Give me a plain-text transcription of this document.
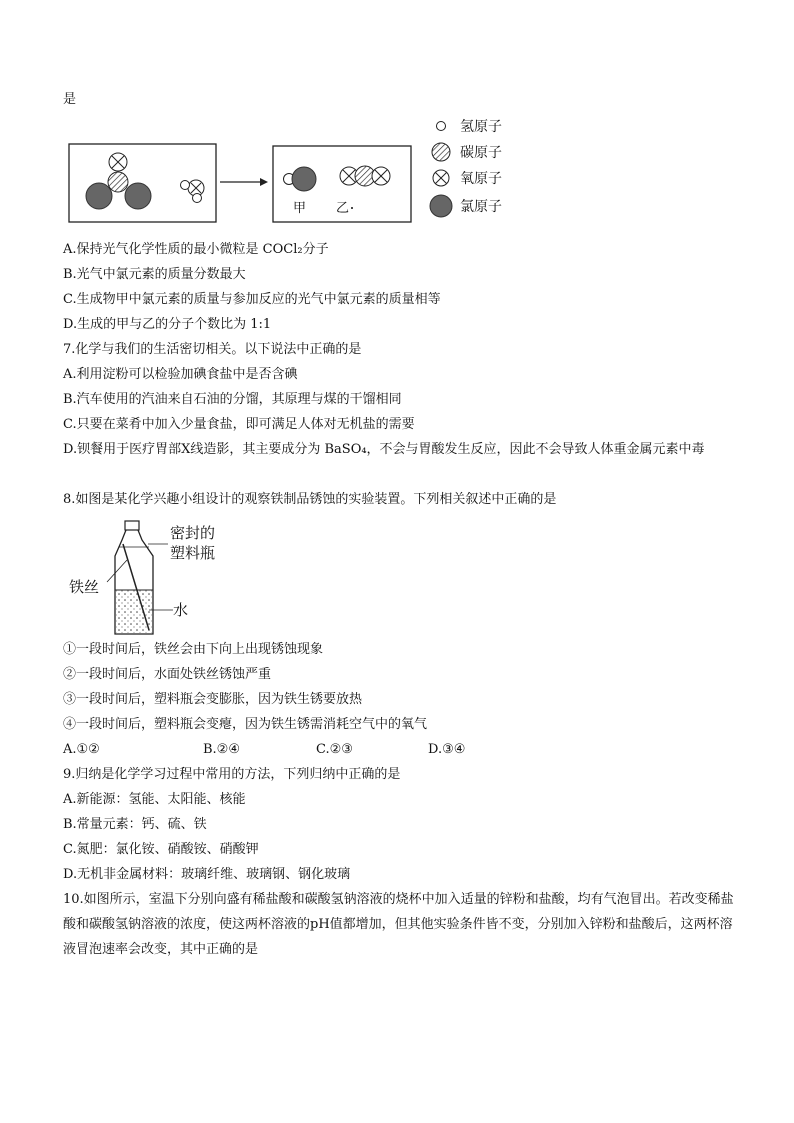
是
甲 乙
氢原子
碳原子
氧原子
氯原子
A.保持光气化学性质的最小微粒是 COCl₂分子
B.光气中氯元素的质量分数最大
C.生成物甲中氯元素的质量与参加反应的光气中氯元素的质量相等
D.生成的甲与乙的分子个数比为 1:1
7.化学与我们的生活密切相关。以下说法中正确的是
A.利用淀粉可以检验加碘食盐中是否含碘
B.汽车使用的汽油来自石油的分馏，其原理与煤的干馏相同
C.只要在菜肴中加入少量食盐，即可满足人体对无机盐的需要
D.钡餐用于医疗胃部X线造影，其主要成分为 BaSO₄，不会与胃酸发生反应，因此不会导致人体重金属元素中毒
8.如图是某化学兴趣小组设计的观察铁制品锈蚀的实验装置。下列相关叙述中正确的是
铁丝
密封的
塑料瓶
水
①一段时间后，铁丝会由下向上出现锈蚀现象
②一段时间后，水面处铁丝锈蚀严重
③一段时间后，塑料瓶会变膨胀，因为铁生锈要放热
④一段时间后，塑料瓶会变瘪，因为铁生锈需消耗空气中的氧气
A.①②	B.②④	C.②③	D.③④
9.归纳是化学学习过程中常用的方法，下列归纳中正确的是
A.新能源：氢能、太阳能、核能
B.常量元素：钙、硫、铁
C.氮肥：氯化铵、硝酸铵、硝酸钾
D.无机非金属材料：玻璃纤维、玻璃钢、钢化玻璃
10.如图所示，室温下分别向盛有稀盐酸和碳酸氢钠溶液的烧杯中加入适量的锌粉和盐酸，均有气泡冒出。若改变稀盐酸和碳酸氢钠溶液的浓度，使这两杯溶液的pH值都增加，但其他实验条件皆不变，分别加入锌粉和盐酸后，这两杯溶液冒泡速率会改变，其中正确的是
